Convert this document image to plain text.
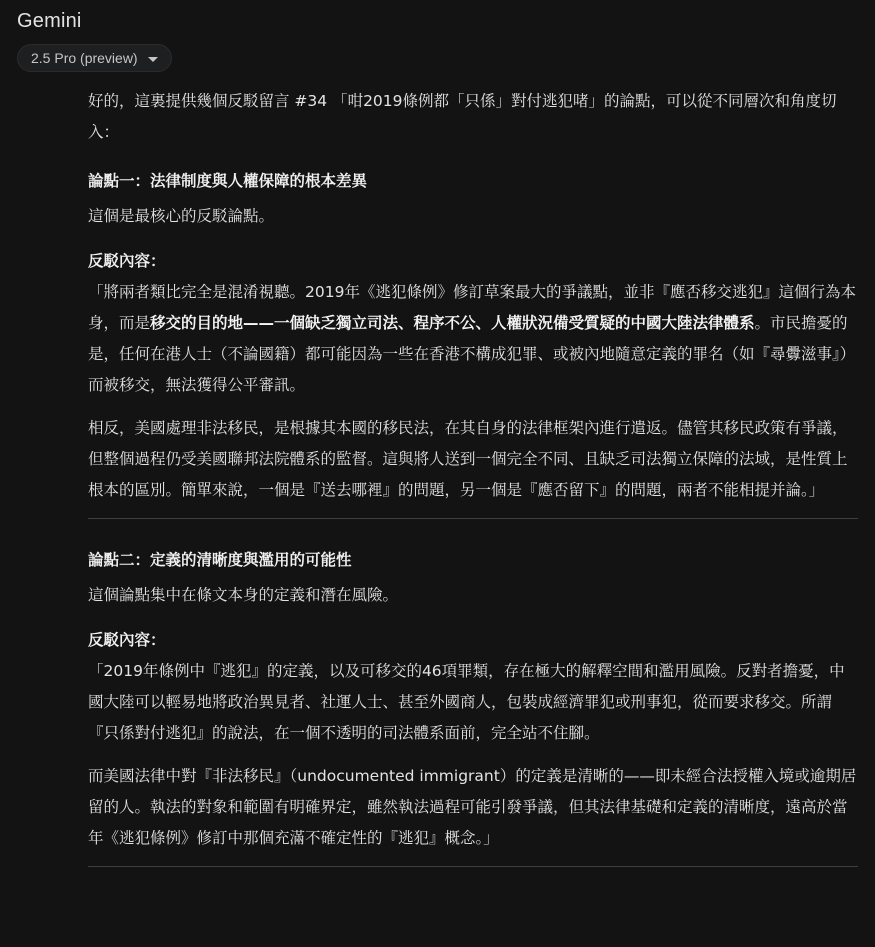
Gemini
2.5 Pro (preview)

好的，這裏提供幾個反駁留言 #34 「咁2019條例都「只係」對付逃犯啫」的論點，可以從不同層次和角度切入：

論點一：法律制度與人權保障的根本差異

這個是最核心的反駁論點。

反駁內容：

「將兩者類比完全是混淆視聽。2019年《逃犯條例》修訂草案最大的爭議點，並非『應否移交逃犯』這個行為本身，而是移交的目的地——一個缺乏獨立司法、程序不公、人權狀況備受質疑的中國大陸法律體系。市民擔憂的是，任何在港人士（不論國籍）都可能因為一些在香港不構成犯罪、或被內地隨意定義的罪名（如『尋釁滋事』）而被移交，無法獲得公平審訊。

相反，美國處理非法移民，是根據其本國的移民法，在其自身的法律框架內進行遣返。儘管其移民政策有爭議，但整個過程仍受美國聯邦法院體系的監督。這與將人送到一個完全不同、且缺乏司法獨立保障的法域，是性質上根本的區別。簡單來說，一個是『送去哪裡』的問題，另一個是『應否留下』的問題，兩者不能相提并論。」

論點二：定義的清晰度與濫用的可能性

這個論點集中在條文本身的定義和潛在風險。

反駁內容：

「2019年條例中『逃犯』的定義，以及可移交的46項罪類，存在極大的解釋空間和濫用風險。反對者擔憂，中國大陸可以輕易地將政治異見者、社運人士、甚至外國商人，包裝成經濟罪犯或刑事犯，從而要求移交。所謂『只係對付逃犯』的說法，在一個不透明的司法體系面前，完全站不住腳。

而美國法律中對『非法移民』（undocumented immigrant）的定義是清晰的——即未經合法授權入境或逾期居留的人。執法的對象和範圍有明確界定，雖然執法過程可能引發爭議，但其法律基礎和定義的清晰度，遠高於當年《逃犯條例》修訂中那個充滿不確定性的『逃犯』概念。」
